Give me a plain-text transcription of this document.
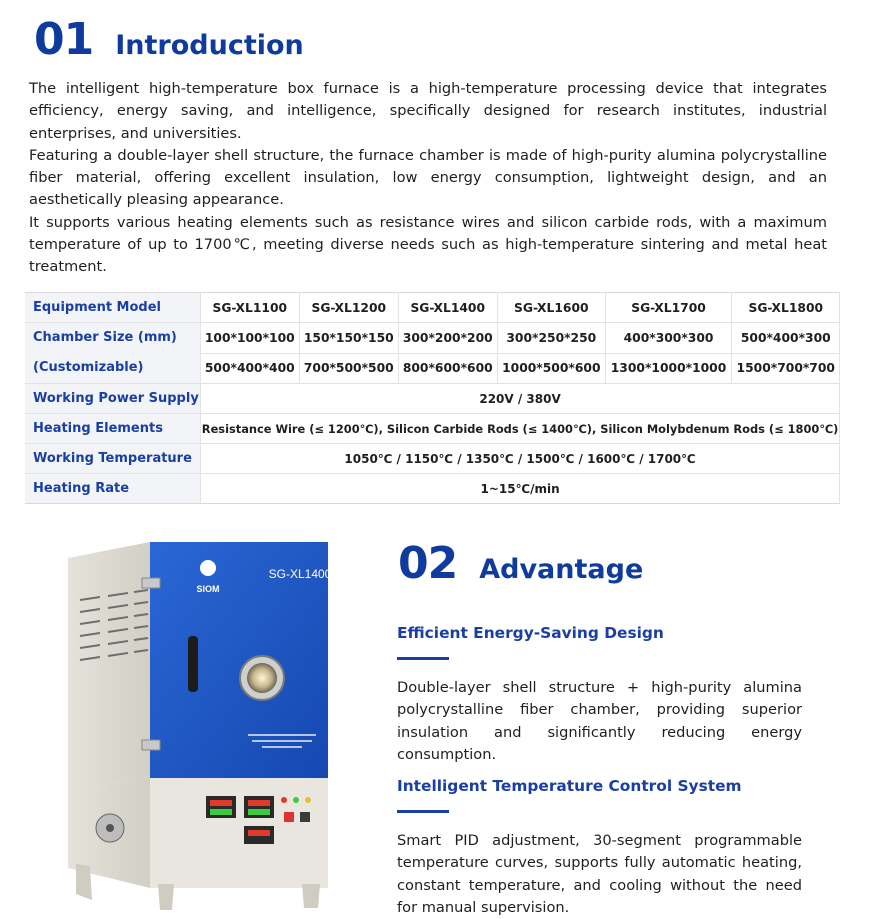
01 Introduction

The intelligent high-temperature box furnace is a high-temperature processing device that integrates efficiency, energy saving, and intelligence, specifically designed for research institutes, industrial enterprises, and universities.

Featuring a double-layer shell structure, the furnace chamber is made of high-purity alumina polycrystalline fiber material, offering excellent insulation, low energy consumption, lightweight design, and an aesthetically pleasing appearance.

It supports various heating elements such as resistance wires and silicon carbide rods, with a maximum temperature of up to 1700℃, meeting diverse needs such as high-temperature sintering and metal heat treatment.

Equipment Model	SG-XL1100	SG-XL1200	SG-XL1400	SG-XL1600	SG-XL1700	SG-XL1800

Chamber Size (mm)
(Customizable)	100*100*100	150*150*150	300*200*200	300*250*250	400*300*300	500*400*300
	500*400*400	700*500*500	800*600*600	1000*500*600	1300*1000*1000	1500*700*700
Working Power Supply	220V / 380V					
Heating Elements	Resistance Wire (≤ 1200℃), Silicon Carbide Rods (≤ 1400℃), Silicon Molybdenum Rods (≤ 1800℃)					
Working Temperature	1050℃ / 1150℃ / 1350℃ / 1500℃ / 1600℃ / 1700℃					
Heating Rate	1~15℃/min					
SIOM
SG-XL1400 02 Advantage
Efficient Energy-Saving Design
Double-layer shell structure + high-purity alumina polycrystalline fiber chamber, providing superior insulation and significantly reducing energy consumption.
Intelligent Temperature Control System
Smart PID adjustment, 30-segment programmable temperature curves, supports fully automatic heating, constant temperature, and cooling without the need for manual supervision.
